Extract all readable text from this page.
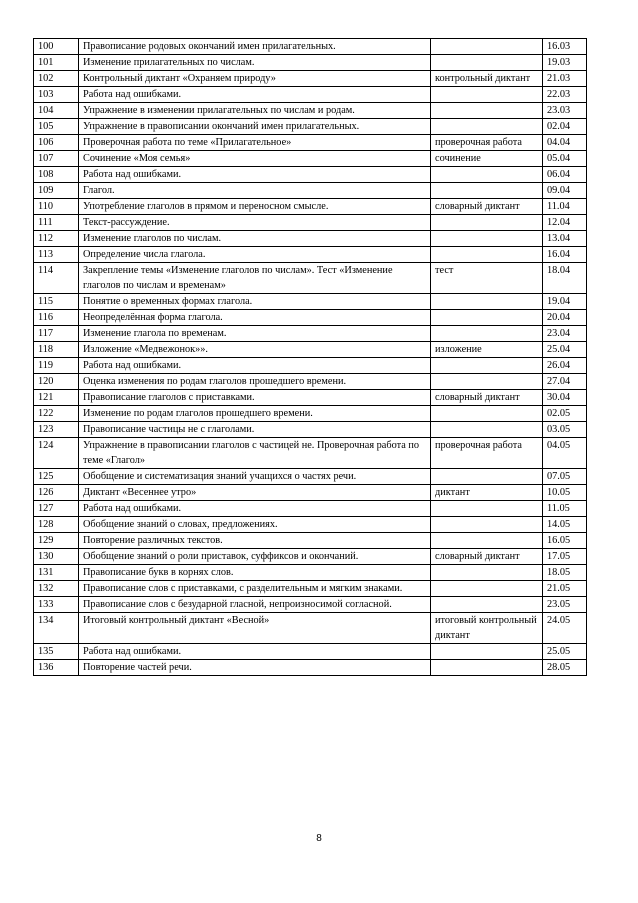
100	Правописание родовых окончаний имен прилагательных.		16.03
101	Изменение прилагательных по числам.		19.03
102	Контрольный диктант «Охраняем природу»	контрольный диктант	21.03
103	Работа над ошибками.		22.03
104	Упражнение в изменении прилагательных по числам и родам.		23.03
105	Упражнение в правописании окончаний имен прилагательных.		02.04
106	Проверочная работа по теме «Прилагательное»	проверочная работа	04.04
107	Сочинение «Моя семья»	сочинение	05.04
108	Работа над ошибками.		06.04
109	Глагол.		09.04
110	Употребление глаголов в прямом и переносном смысле.	словарный диктант	11.04
111	Текст-рассуждение.		12.04
112	Изменение глаголов по числам.		13.04
113	Определение числа глагола.		16.04
114	Закрепление темы «Изменение глаголов по числам». Тест «Изменение глаголов по числам и временам»	тест	18.04
115	Понятие о временных формах глагола.		19.04
116	Неопределённая форма глагола.		20.04
117	Изменение глагола по временам.		23.04
118	Изложение «Медвежонок»».	изложение	25.04
119	Работа над ошибками.		26.04
120	Оценка изменения по родам глаголов прошедшего времени.		27.04
121	Правописание глаголов с приставками.	словарный диктант	30.04
122	Изменение по родам глаголов прошедшего времени.		02.05
123	Правописание частицы не с глаголами.		03.05
124	Упражнение в правописании глаголов с частицей не. Проверочная работа по теме «Глагол»	проверочная работа	04.05
125	Обобщение и систематизация знаний учащихся о частях речи.		07.05
126	Диктант «Весеннее утро»	диктант	10.05
127	Работа над ошибками.		11.05
128	Обобщение знаний о словах, предложениях.		14.05
129	Повторение различных текстов.		16.05
130	Обобщение знаний о роли приставок, суффиксов и окончаний.	словарный диктант	17.05
131	Правописание букв в корнях слов.		18.05
132	Правописание слов с приставками, с разделительным и мягким знаками.		21.05
133	Правописание слов с безударной гласной, непроизносимой согласной.		23.05
134	Итоговый контрольный диктант «Весной»	итоговый контрольный диктант	24.05
135	Работа над ошибками.		25.05
136	Повторение частей речи.		28.05
8
